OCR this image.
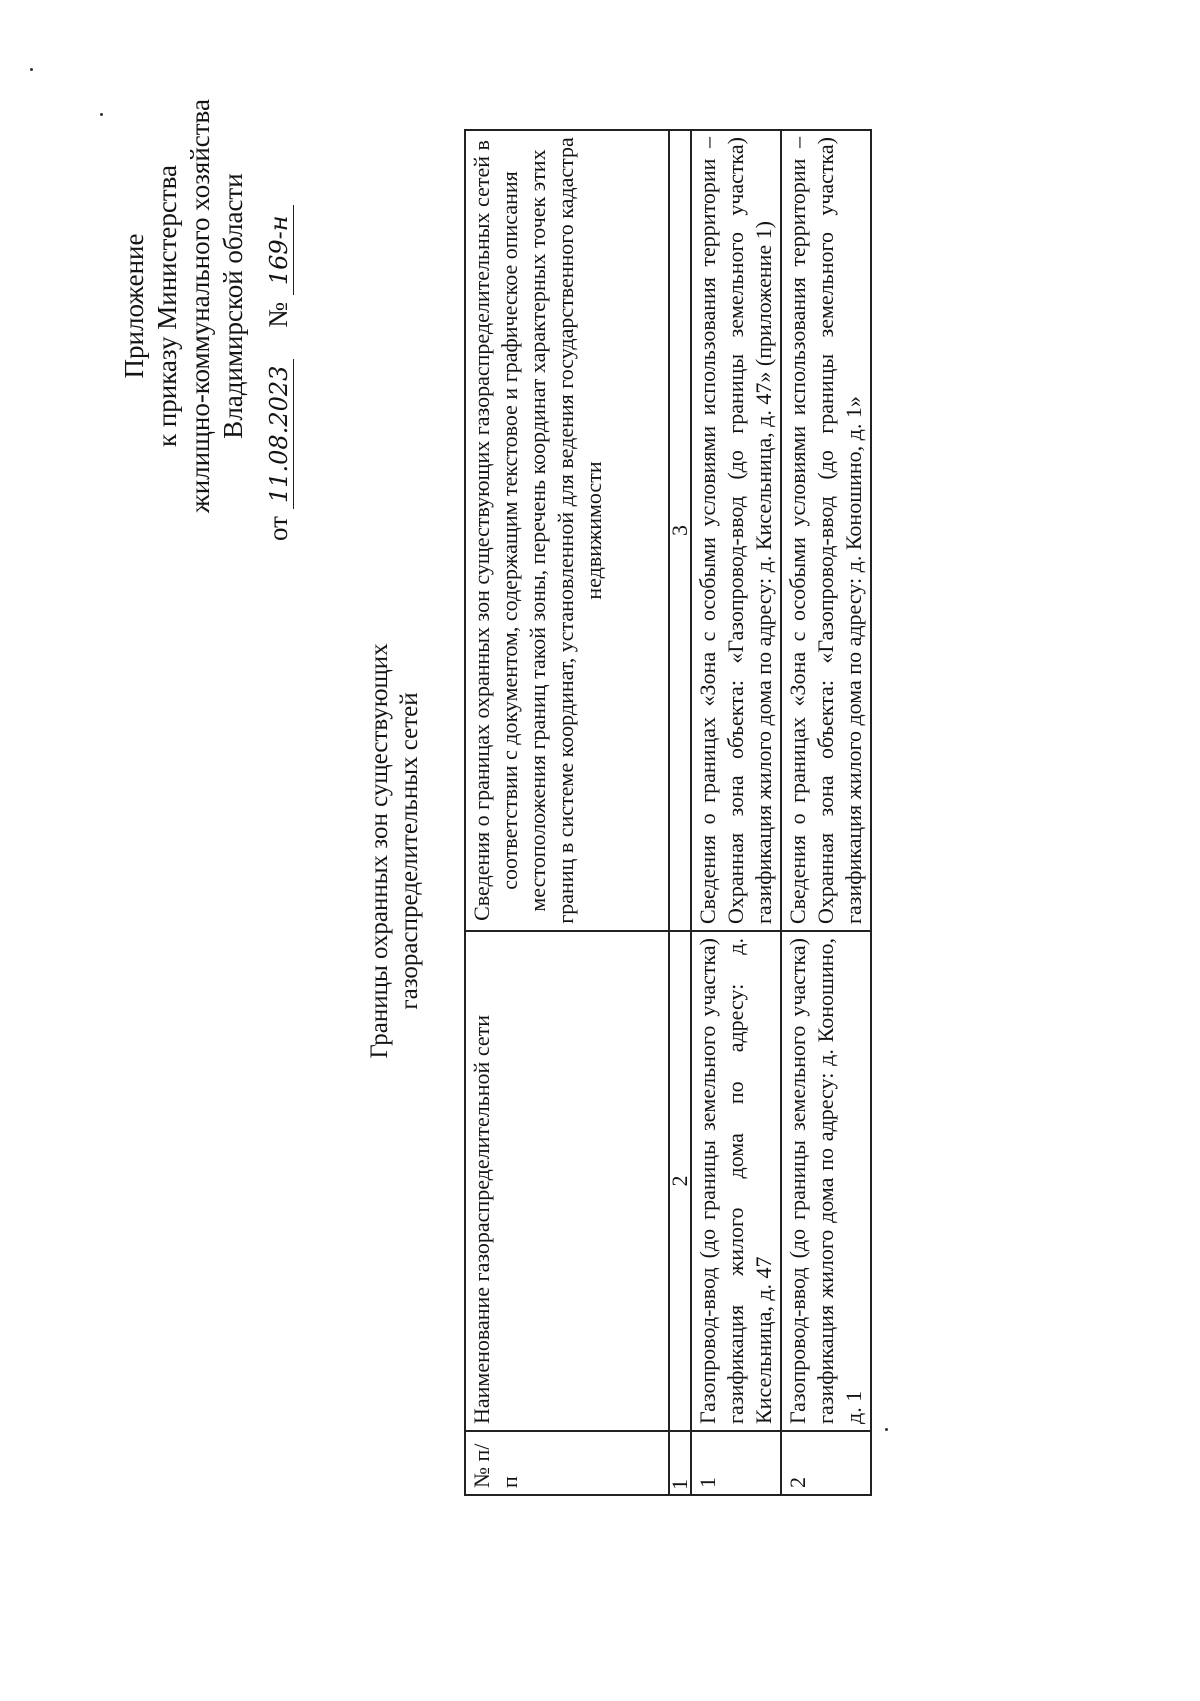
Приложение к приказу Министерства жилищно-коммунального хозяйства Владимирской области
от 11.08.2023  № 169-н
Границы охранных зон существующих газораспределительных сетей
№ п/п	Наименование газораспределительной сети	Сведения о границах охранных зон существующих газораспределительных сетей в соответствии с документом, содержащим текстовое и графическое описания местоположения границ такой зоны, перечень координат характерных точек этих границ в системе координат, установленной для ведения государственного кадастра недвижимости
1	2	3
1	Газопровод-ввод (до границы земельного участка) газификация жилого дома по адресу: д. Кисельница, д. 47	Сведения о границах «Зона с особыми условиями использования территории – Охранная зона объекта: «Газопровод-ввод (до границы земельного участка) газификация жилого дома по адресу: д. Кисельница, д. 47» (приложение 1)
2	Газопровод-ввод (до границы земельного участка) газификация жилого дома по адресу: д. Коношино, д. 1	Сведения о границах «Зона с особыми условиями использования территории – Охранная зона объекта: «Газопровод-ввод (до границы земельного участка) газификация жилого дома по адресу: д. Коношино, д. 1»
